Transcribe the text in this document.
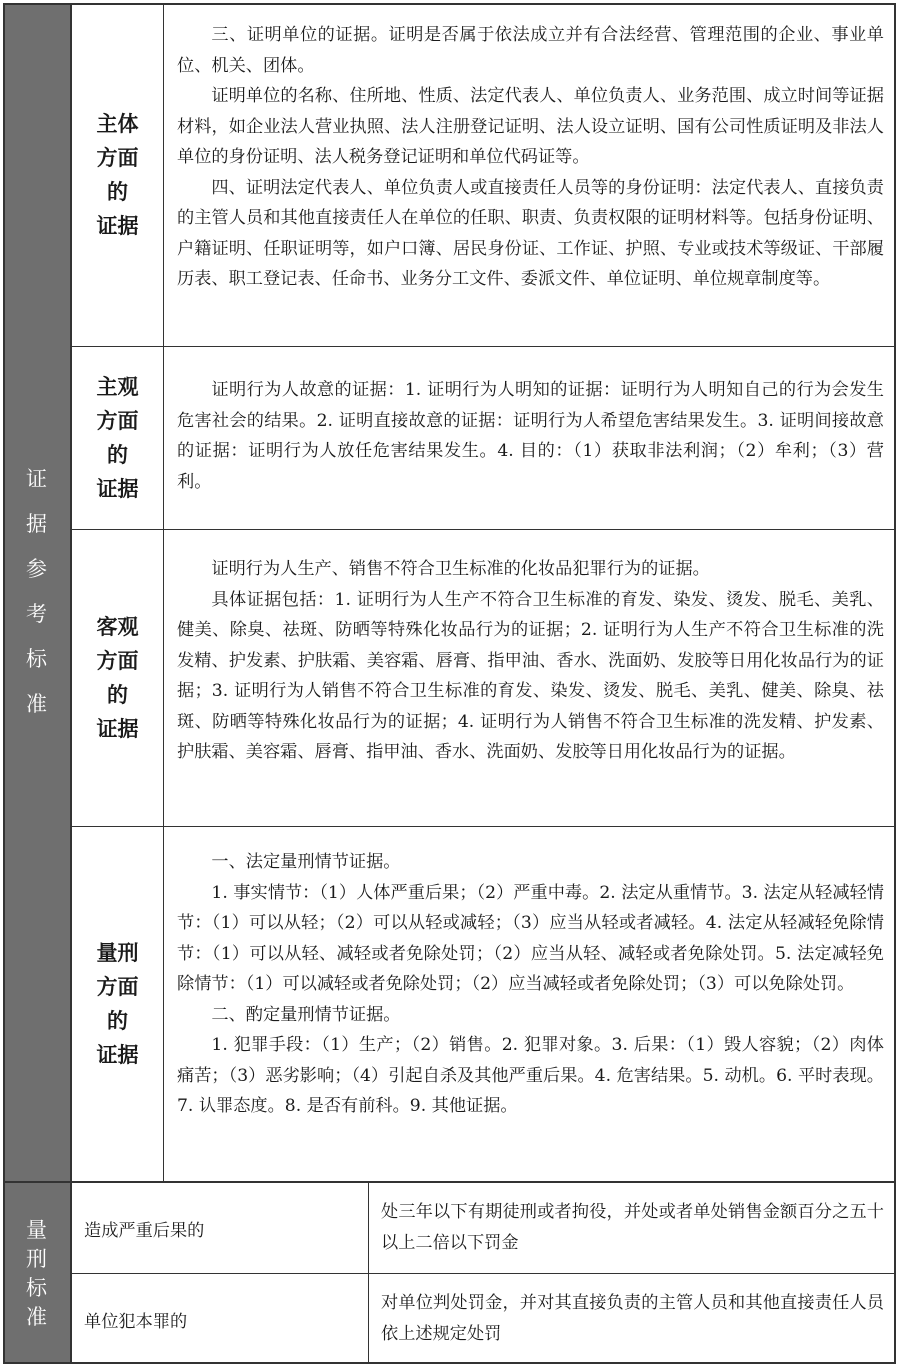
证
据
参
考
标
准
量
刑
标
准
主体
方面
的
证据

三、证明单位的证据。证明是否属于依法成立并有合法经营、管理范围的企业、事业单位、机关、团体。

证明单位的名称、住所地、性质、法定代表人、单位负责人、业务范围、成立时间等证据材料，如企业法人营业执照、法人注册登记证明、法人设立证明、国有公司性质证明及非法人单位的身份证明、法人税务登记证明和单位代码证等。

四、证明法定代表人、单位负责人或直接责任人员等的身份证明：法定代表人、直接负责的主管人员和其他直接责任人在单位的任职、职责、负责权限的证明材料等。包括身份证明、户籍证明、任职证明等，如户口簿、居民身份证、工作证、护照、专业或技术等级证、干部履历表、职工登记表、任命书、业务分工文件、委派文件、单位证明、单位规章制度等。

主观
方面
的
证据

证明行为人故意的证据：1. 证明行为人明知的证据：证明行为人明知自己的行为会发生危害社会的结果。2. 证明直接故意的证据：证明行为人希望危害结果发生。3. 证明间接故意的证据：证明行为人放任危害结果发生。4. 目的：（1）获取非法利润；（2）牟利；（3）营利。

客观
方面
的
证据

证明行为人生产、销售不符合卫生标准的化妆品犯罪行为的证据。

具体证据包括：1. 证明行为人生产不符合卫生标准的育发、染发、烫发、脱毛、美乳、健美、除臭、祛斑、防晒等特殊化妆品行为的证据；2. 证明行为人生产不符合卫生标准的洗发精、护发素、护肤霜、美容霜、唇膏、指甲油、香水、洗面奶、发胶等日用化妆品行为的证据；3. 证明行为人销售不符合卫生标准的育发、染发、烫发、脱毛、美乳、健美、除臭、祛斑、防晒等特殊化妆品行为的证据；4. 证明行为人销售不符合卫生标准的洗发精、护发素、护肤霜、美容霜、唇膏、指甲油、香水、洗面奶、发胶等日用化妆品行为的证据。

量刑
方面
的
证据

一、法定量刑情节证据。

1. 事实情节：（1）人体严重后果；（2）严重中毒。2. 法定从重情节。3. 法定从轻减轻情节：（1）可以从轻；（2）可以从轻或减轻；（3）应当从轻或者减轻。4. 法定从轻减轻免除情节：（1）可以从轻、减轻或者免除处罚；（2）应当从轻、减轻或者免除处罚。5. 法定减轻免除情节：（1）可以减轻或者免除处罚；（2）应当减轻或者免除处罚；（3）可以免除处罚。

二、酌定量刑情节证据。

1. 犯罪手段：（1）生产；（2）销售。2. 犯罪对象。3. 后果：（1）毁人容貌；（2）肉体痛苦；（3）恶劣影响；（4）引起自杀及其他严重后果。4. 危害结果。5. 动机。6. 平时表现。7. 认罪态度。8. 是否有前科。9. 其他证据。

造成严重后果的
处三年以下有期徒刑或者拘役，并处或者单处销售金额百分之五十以上二倍以下罚金
单位犯本罪的
对单位判处罚金，并对其直接负责的主管人员和其他直接责任人员依上述规定处罚
